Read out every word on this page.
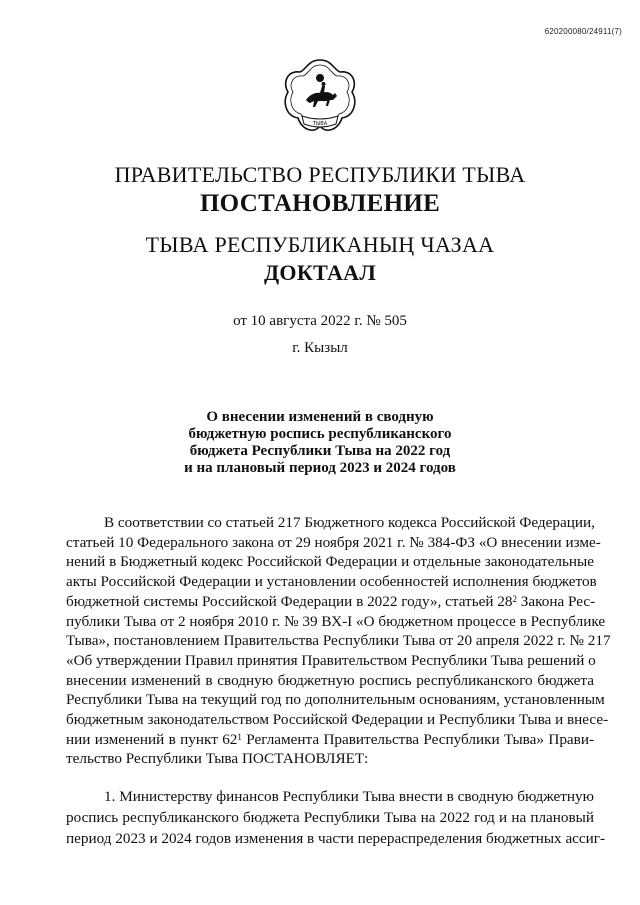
620200080/24911(7)
ТЫВА
ПРАВИТЕЛЬСТВО РЕСПУБЛИКИ ТЫВА
ПОСТАНОВЛЕНИЕ
ТЫВА РЕСПУБЛИКАНЫҢ ЧАЗАА
ДОКТААЛ
от 10 августа 2022 г. № 505
г. Кызыл
О внесении изменений в сводную
бюджетную роспись республиканского
бюджета Республики Тыва на 2022 год
и на плановый период 2023 и 2024 годов
В соответствии со статьей 217 Бюджетного кодекса Российской Федерации,
статьей 10 Федерального закона от 29 ноября 2021 г. № 384-ФЗ «О внесении изме-
нений в Бюджетный кодекс Российской Федерации и отдельные законодательные
акты Российской Федерации и установлении особенностей исполнения бюджетов
бюджетной системы Российской Федерации в 2022 году», статьей $28^2$ Закона Рес-
публики Тыва от 2 ноября 2010 г. № 39 ВХ-I «О бюджетном процессе в Республике
Тыва», постановлением Правительства Республики Тыва от 20 апреля 2022 г. № 217
«Об утверждении Правил принятия Правительством Республики Тыва решений о
внесении изменений в сводную бюджетную роспись республиканского бюджета
Республики Тыва на текущий год по дополнительным основаниям, установленным
бюджетным законодательством Российской Федерации и Республики Тыва и внесе-
нии изменений в пункт $62^1$ Регламента Правительства Республики Тыва» Прави-
тельство Республики Тыва ПОСТАНОВЛЯЕТ:
1. Министерству финансов Республики Тыва внести в сводную бюджетную
роспись республиканского бюджета Республики Тыва на 2022 год и на плановый
период 2023 и 2024 годов изменения в части перераспределения бюджетных ассиг-
